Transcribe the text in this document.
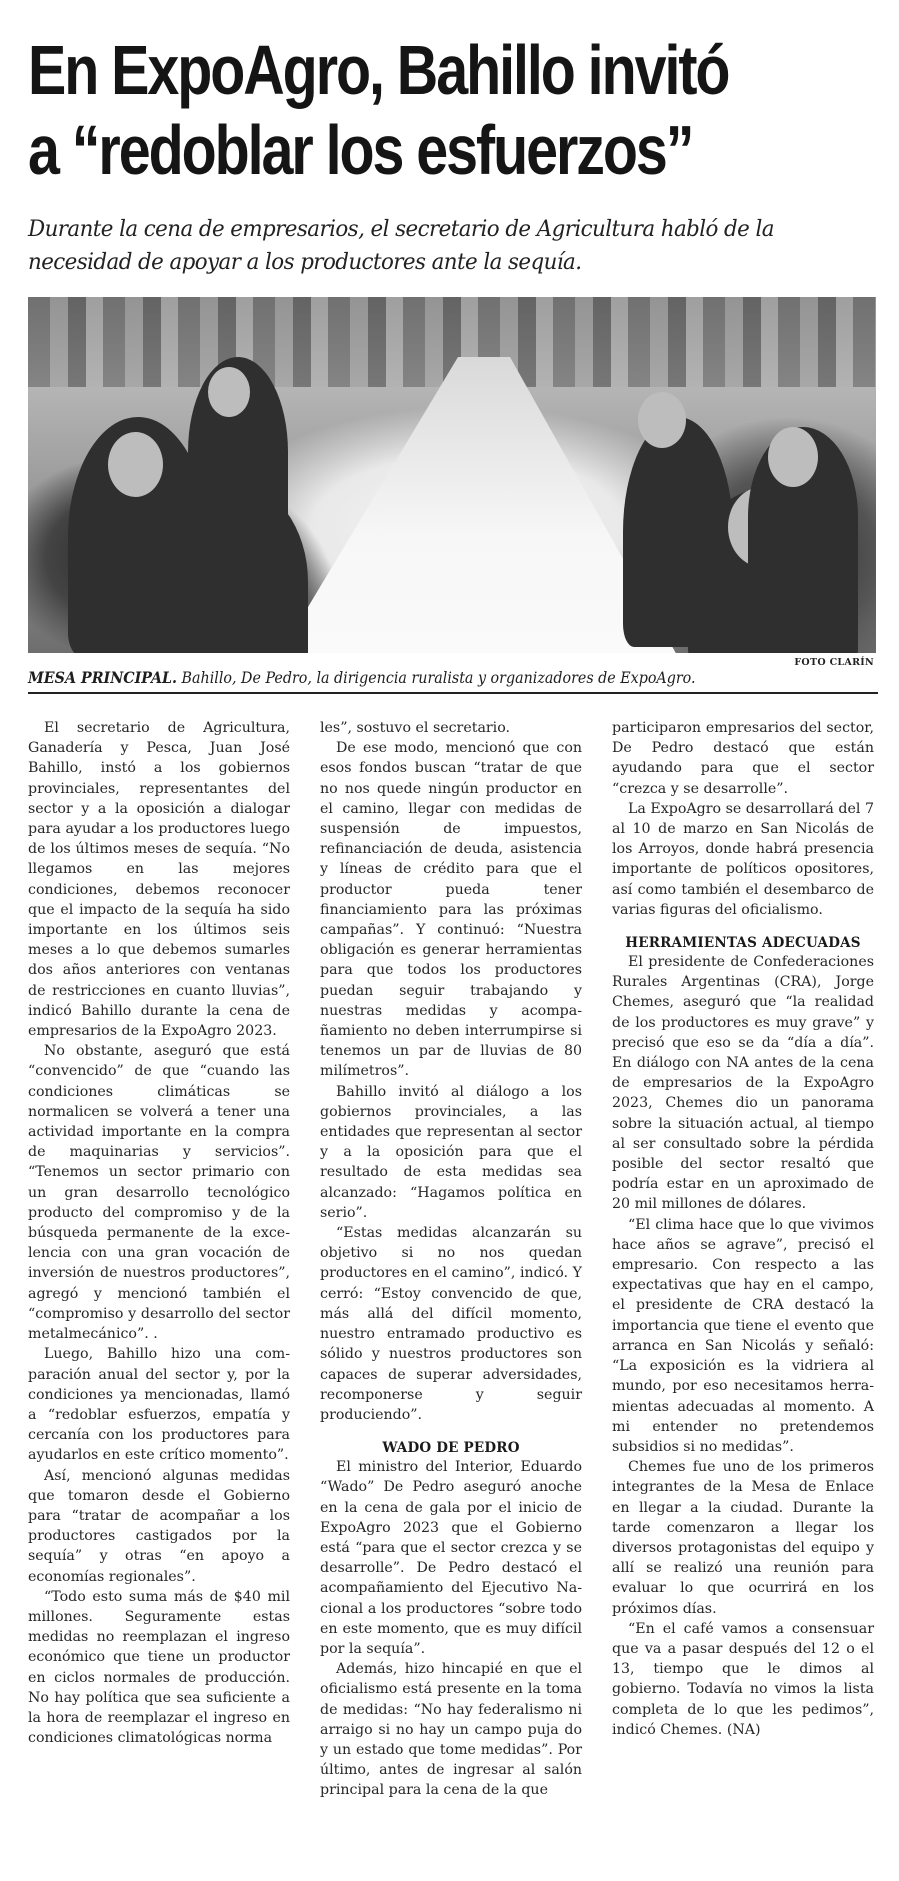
En ExpoAgro, Bahillo invitó
a “redoblar los esfuerzos”
Durante la cena de empresarios, el secretario de Agricultura habló de la necesidad de apoyar a los productores ante la sequía.
FOTO CLARÍN
MESA PRINCIPAL. Bahillo, De Pedro, la dirigencia ruralista y organizadores de ExpoAgro.

El secretario de Agricultura, Ganadería y Pesca, Juan José Bahillo, instó a los gobiernos provinciales, representantes del sector y a la oposición a dialogar para ayudar a los productores luego de los últimos meses de sequía. “No llegamos en las mejores condiciones, debemos reconocer que el impacto de la sequía ha sido importante en los últimos seis meses a lo que debemos sumarles dos años anteriores con ventanas de restricciones en cuanto lluvias”, indicó Bahillo durante la cena de empresarios de la ExpoAgro 2023.

No obstante, aseguró que está “convencido” de que “cuando las condiciones climáticas se normalicen se volverá a tener una actividad importante en la compra de maquinarias y servicios”. “Tenemos un sector primario con un gran desarrollo tecnológico producto del compromiso y de la búsqueda permanente de la excelencia con una gran vocación de inversión de nuestros productores”, agregó y mencionó también el “compromiso y desarrollo del sector metalmecánico”. .

Luego, Bahillo hizo una comparación anual del sector y, por la condiciones ya mencionadas, llamó a “redoblar esfuerzos, empatía y cercanía con los productores para ayudarlos en este crítico momento”.

Así, mencionó algunas medidas que tomaron desde el Gobierno para “tratar de acompañar a los productores castigados por la sequía” y otras “en apoyo a economías regionales”.

“Todo esto suma más de $40 mil millones. Seguramente estas medidas no reemplazan el ingreso económico que tiene un productor en ciclos normales de producción. No hay política que sea suficiente a la hora de reemplazar el ingreso en condiciones climatológicas norma

les”, sostuvo el secretario.

De ese modo, mencionó que con esos fondos buscan “tratar de que no nos quede ningún productor en el camino, llegar con medidas de suspensión de impuestos, refinanciación de deuda, asistencia y líneas de crédito para que el productor pueda tener financiamiento para las próximas campañas”. Y continuó: “Nuestra obligación es generar herramientas para que todos los productores puedan seguir trabajando y nuestras medidas y acompañamiento no deben interrumpirse si tenemos un par de lluvias de 80 milímetros”.

Bahillo invitó al diálogo a los gobiernos provinciales, a las entidades que representan al sector y a la oposición para que el resultado de esta medidas sea alcanzado: “Hagamos política en serio”.

“Estas medidas alcanzarán su objetivo si no nos quedan productores en el camino”, indicó. Y cerró: “Estoy convencido de que, más allá del difícil momento, nuestro entramado productivo es sólido y nuestros productores son capaces de superar adversidades, recomponerse y seguir produciendo”.

WADO DE PEDRO

El ministro del Interior, Eduardo “Wado” De Pedro aseguró anoche en la cena de gala por el inicio de ExpoAgro 2023 que el Gobierno está “para que el sector crezca y se desarrolle”. De Pedro destacó el acompañamiento del Ejecutivo Nacional a los productores “sobre todo en este momento, que es muy difícil por la sequía”.

Además, hizo hincapié en que el oficialismo está presente en la toma de medidas: “No hay federalismo ni arraigo si no hay un campo puja do y un estado que tome medidas”. Por último, antes de ingresar al salón principal para la cena de la que

participaron empresarios del sector, De Pedro destacó que están ayudando para que el sector “crezca y se desarrolle”.

La ExpoAgro se desarrollará del 7 al 10 de marzo en San Nicolás de los Arroyos, donde habrá presencia importante de políticos opositores, así como también el desembarco de varias figuras del oficialismo.

HERRAMIENTAS ADECUADAS

El presidente de Confederaciones Rurales Argentinas (CRA), Jorge Chemes, aseguró que “la realidad de los productores es muy grave” y precisó que eso se da “día a día”. En diálogo con NA antes de la cena de empresarios de la ExpoAgro 2023, Chemes dio un panorama sobre la situación actual, al tiempo al ser consultado sobre la pérdida posible del sector resaltó que podría estar en un aproximado de 20 mil millones de dólares.

“El clima hace que lo que vivimos hace años se agrave”, precisó el empresario. Con respecto a las expectativas que hay en el campo, el presidente de CRA destacó la importancia que tiene el evento que arranca en San Nicolás y señaló: “La exposición es la vidriera al mundo, por eso necesitamos herramientas adecuadas al momento. A mi entender no pretendemos subsidios si no medidas”.

Chemes fue uno de los primeros integrantes de la Mesa de Enlace en llegar a la ciudad. Durante la tarde comenzaron a llegar los diversos protagonistas del equipo y allí se realizó una reunión para evaluar lo que ocurrirá en los próximos días.

“En el café vamos a consensuar que va a pasar después del 12 o el 13, tiempo que le dimos al gobierno. Todavía no vimos la lista completa de lo que les pedimos”, indicó Chemes. (NA)
